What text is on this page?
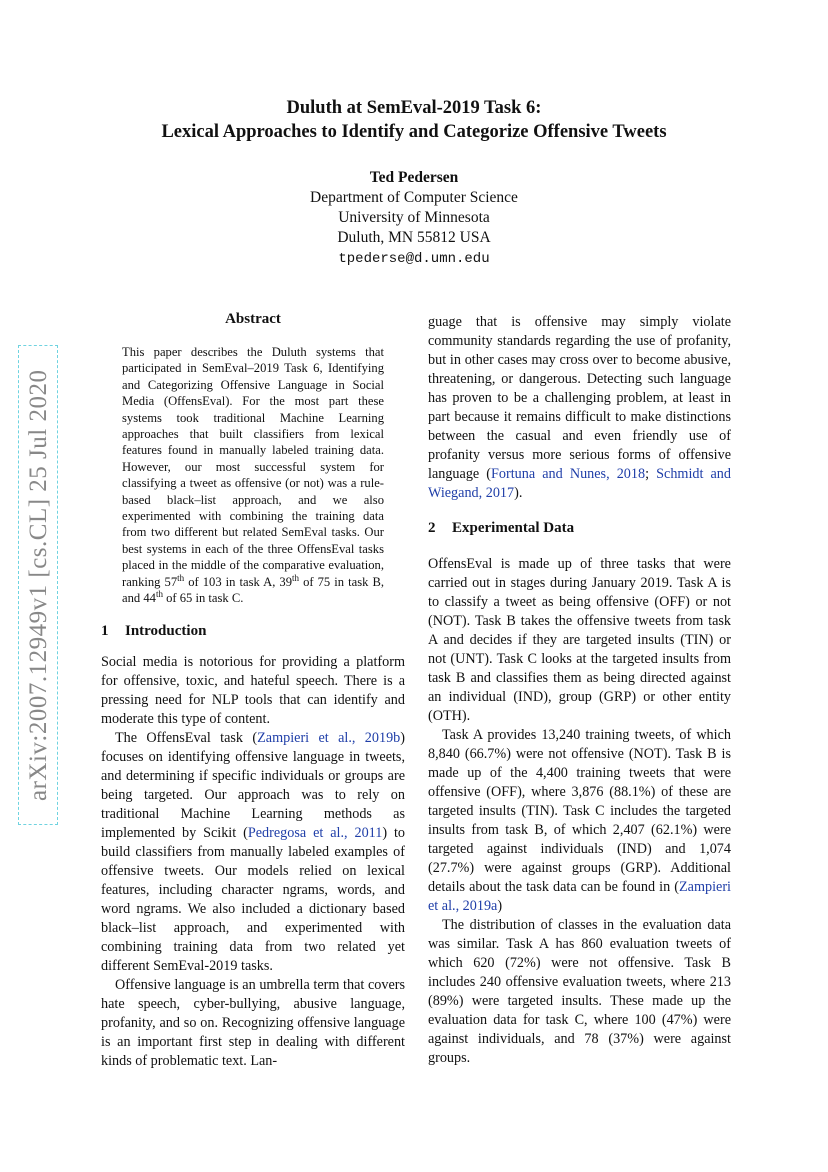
arXiv:2007.12949v1 [cs.CL] 25 Jul 2020
Duluth at SemEval-2019 Task 6:
Lexical Approaches to Identify and Categorize Offensive Tweets
Ted Pedersen
Department of Computer Science
University of Minnesota
Duluth, MN 55812 USA
tpederse@d.umn.edu
Abstract

This paper describes the Duluth systems that participated in SemEval–2019 Task 6, Identifying and Categorizing Offensive Language in Social Media (OffensEval). For the most part these systems took traditional Machine Learning approaches that built classifiers from lexical features found in manually labeled training data. However, our most successful system for classifying a tweet as offensive (or not) was a rule-based black–list approach, and we also experimented with combining the training data from two different but related SemEval tasks. Our best systems in each of the three OffensEval tasks placed in the middle of the comparative evaluation, ranking 57th of 103 in task A, 39th of 75 in task B, and 44th of 65 in task C.

1 Introduction

Social media is notorious for providing a platform for offensive, toxic, and hateful speech. There is a pressing need for NLP tools that can identify and moderate this type of content.

The OffensEval task (Zampieri et al., 2019b) focuses on identifying offensive language in tweets, and determining if specific individuals or groups are being targeted. Our approach was to rely on traditional Machine Learning methods as implemented by Scikit (Pedregosa et al., 2011) to build classifiers from manually labeled examples of offensive tweets. Our models relied on lexical features, including character ngrams, words, and word ngrams. We also included a dictionary based black–list approach, and experimented with combining training data from two related yet different SemEval-2019 tasks.

Offensive language is an umbrella term that covers hate speech, cyber-bullying, abusive language, profanity, and so on. Recognizing offensive language is an important first step in dealing with different kinds of problematic text. Lan-

guage that is offensive may simply violate community standards regarding the use of profanity, but in other cases may cross over to become abusive, threatening, or dangerous. Detecting such language has proven to be a challenging problem, at least in part because it remains difficult to make distinctions between the casual and even friendly use of profanity versus more serious forms of offensive language (Fortuna and Nunes, 2018; Schmidt and Wiegand, 2017).

2 Experimental Data

OffensEval is made up of three tasks that were carried out in stages during January 2019. Task A is to classify a tweet as being offensive (OFF) or not (NOT). Task B takes the offensive tweets from task A and decides if they are targeted insults (TIN) or not (UNT). Task C looks at the targeted insults from task B and classifies them as being directed against an individual (IND), group (GRP) or other entity (OTH).

Task A provides 13,240 training tweets, of which 8,840 (66.7%) were not offensive (NOT). Task B is made up of the 4,400 training tweets that were offensive (OFF), where 3,876 (88.1%) of these are targeted insults (TIN). Task C includes the targeted insults from task B, of which 2,407 (62.1%) were targeted against individuals (IND) and 1,074 (27.7%) were against groups (GRP). Additional details about the task data can be found in (Zampieri et al., 2019a)

The distribution of classes in the evaluation data was similar. Task A has 860 evaluation tweets of which 620 (72%) were not offensive. Task B includes 240 offensive evaluation tweets, where 213 (89%) were targeted insults. These made up the evaluation data for task C, where 100 (47%) were against individuals, and 78 (37%) were against groups.
